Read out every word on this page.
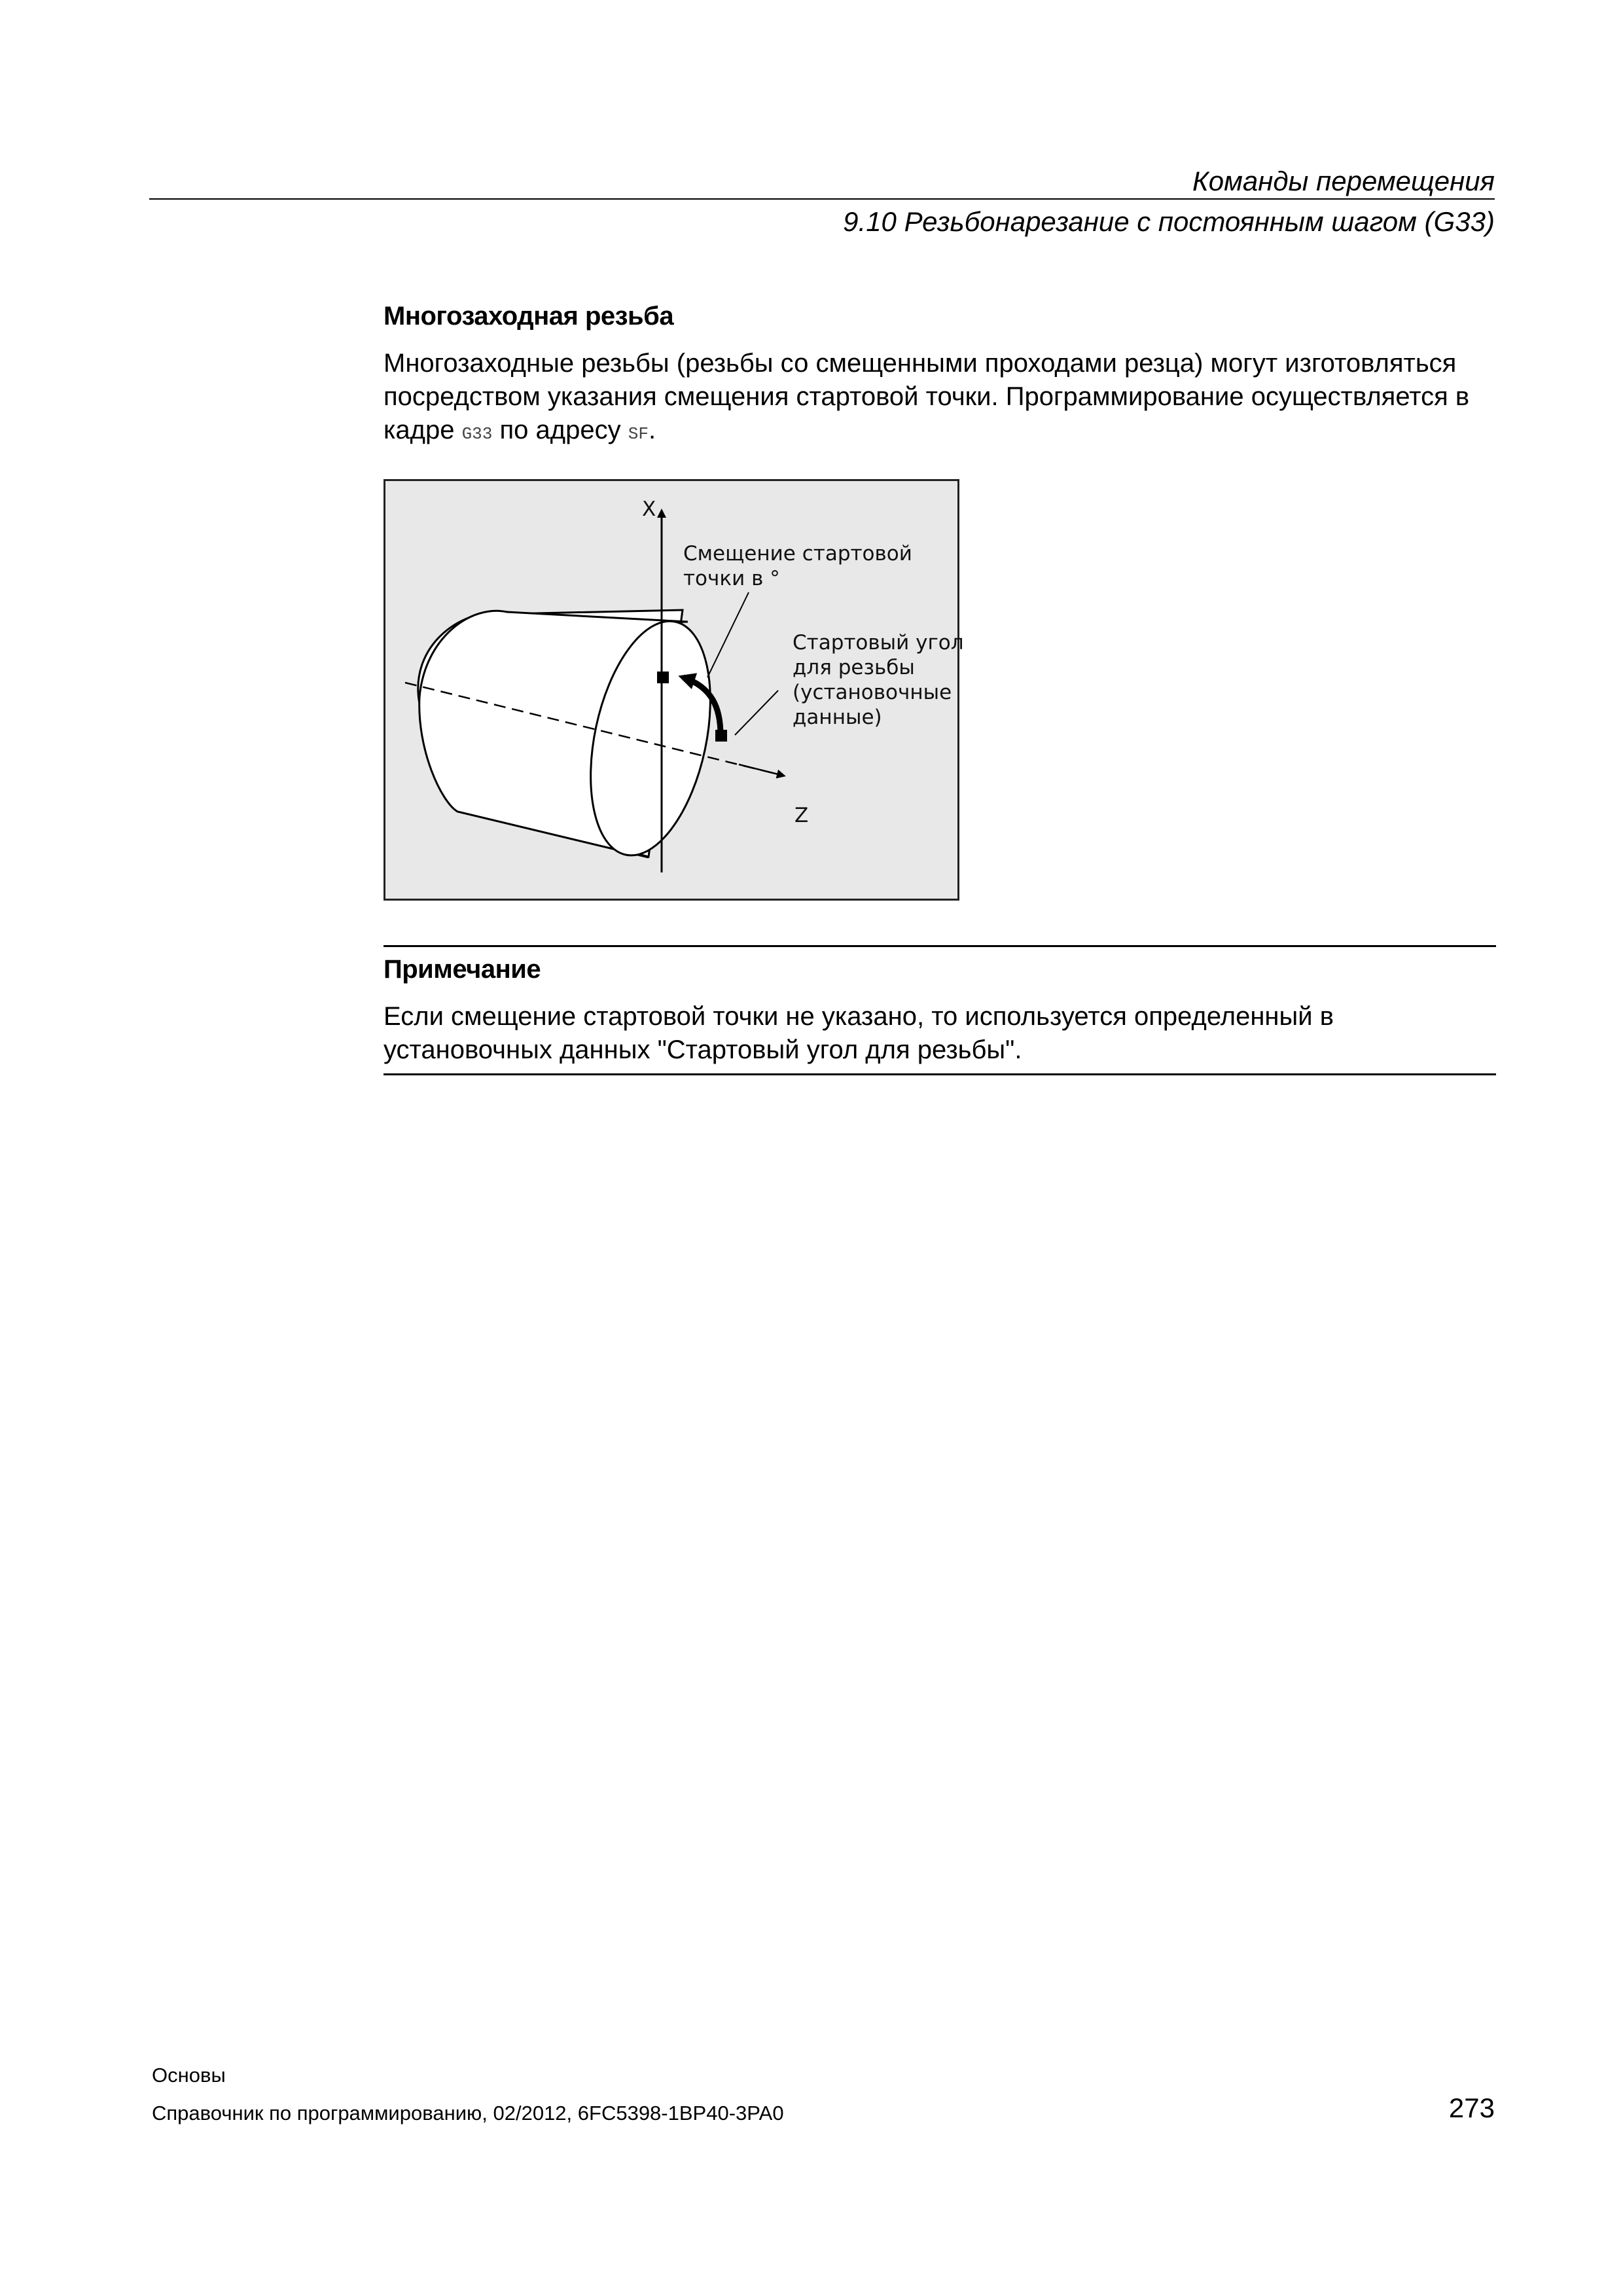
Команды перемещения
9.10 Резьбонарезание с постоянным шагом (G33)
Многозаходная резьба
Многозаходные резьбы (резьбы со смещенными проходами резца) могут изготовляться посредством указания смещения стартовой точки. Программирование осуществляется в кадре G33 по адресу SF.
X
Z
Смещение стартовой
точки в °
Стартовый угол
для резьбы
(установочные
данные)
Примечание
Если смещение стартовой точки не указано, то используется определенный в установочных данных "Стартовый угол для резьбы".
Основы
Справочник по программированию, 02/2012, 6FC5398-1BP40-3PA0	273
